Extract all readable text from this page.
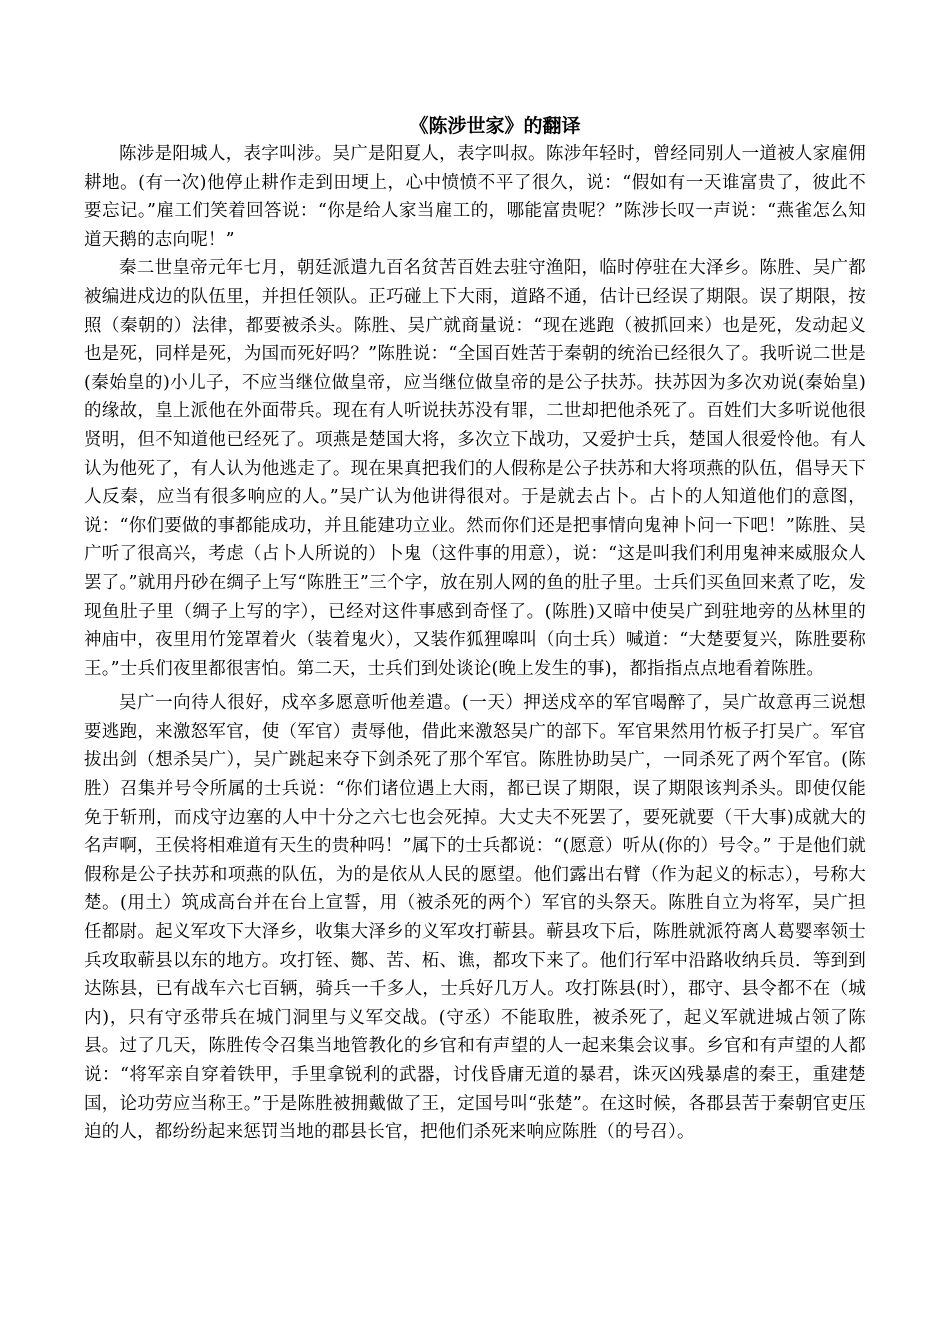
《陈涉世家》的翻译

陈涉是阳城人，表字叫涉。吴广是阳夏人，表字叫叔。陈涉年轻时，曾经同别人一道被人家雇佣耕地。(有一次)他停止耕作走到田埂上，心中愤愤不平了很久，说：“假如有一天谁富贵了，彼此不要忘记。”雇工们笑着回答说：“你是给人家当雇工的，哪能富贵呢？”陈涉长叹一声说：“燕雀怎么知道天鹅的志向呢！”

秦二世皇帝元年七月，朝廷派遣九百名贫苦百姓去驻守渔阳，临时停驻在大泽乡。陈胜、吴广都被编进戍边的队伍里，并担任领队。正巧碰上下大雨，道路不通，估计已经误了期限。误了期限，按照（秦朝的）法律，都要被杀头。陈胜、吴广就商量说：“现在逃跑（被抓回来）也是死，发动起义也是死，同样是死，为国而死好吗？”陈胜说：“全国百姓苦于秦朝的统治已经很久了。我听说二世是(秦始皇的)小儿子，不应当继位做皇帝，应当继位做皇帝的是公子扶苏。扶苏因为多次劝说(秦始皇)的缘故，皇上派他在外面带兵。现在有人听说扶苏没有罪，二世却把他杀死了。百姓们大多听说他很贤明，但不知道他已经死了。项燕是楚国大将，多次立下战功，又爱护士兵，楚国人很爱怜他。有人认为他死了，有人认为他逃走了。现在果真把我们的人假称是公子扶苏和大将项燕的队伍，倡导天下人反秦，应当有很多响应的人。”吴广认为他讲得很对。于是就去占卜。占卜的人知道他们的意图，说：“你们要做的事都能成功，并且能建功立业。然而你们还是把事情向鬼神卜问一下吧！”陈胜、吴广听了很高兴，考虑（占卜人所说的）卜鬼（这件事的用意），说：“这是叫我们利用鬼神来威服众人罢了。”就用丹砂在绸子上写“陈胜王”三个字，放在别人网的鱼的肚子里。士兵们买鱼回来煮了吃，发现鱼肚子里（绸子上写的字），已经对这件事感到奇怪了。(陈胜)又暗中使吴广到驻地旁的丛林里的神庙中，夜里用竹笼罩着火（装着鬼火），又装作狐狸嗥叫（向士兵）喊道：“大楚要复兴，陈胜要称王。”士兵们夜里都很害怕。第二天，士兵们到处谈论(晚上发生的事)，都指指点点地看着陈胜。

吴广一向待人很好，戍卒多愿意听他差遣。(一天）押送戍卒的军官喝醉了，吴广故意再三说想要逃跑，来激怒军官，使（军官）责辱他，借此来激怒吴广的部下。军官果然用竹板子打吴广。军官拔出剑（想杀吴广），吴广跳起来夺下剑杀死了那个军官。陈胜协助吴广，一同杀死了两个军官。(陈胜）召集并号令所属的士兵说：“你们诸位遇上大雨，都已误了期限，误了期限该判杀头。即使仅能免于斩刑，而戍守边塞的人中十分之六七也会死掉。大丈夫不死罢了，要死就要（干大事)成就大的名声啊，王侯将相难道有天生的贵种吗！”属下的士兵都说：“(愿意）听从(你的）号令。” 于是他们就假称是公子扶苏和项燕的队伍，为的是依从人民的愿望。他们露出右臂（作为起义的标志），号称大楚。(用土）筑成高台并在台上宣誓，用（被杀死的两个）军官的头祭天。陈胜自立为将军，吴广担任都尉。起义军攻下大泽乡，收集大泽乡的义军攻打蕲县。蕲县攻下后，陈胜就派符离人葛婴率领士兵攻取蕲县以东的地方。攻打铚、酂、苦、柘、谯，都攻下来了。他们行军中沿路收纳兵员．等到到达陈县，已有战车六七百辆，骑兵一千多人，士兵好几万人。攻打陈县(时），郡守、县令都不在（城内)，只有守丞带兵在城门洞里与义军交战。(守丞）不能取胜，被杀死了，起义军就进城占领了陈县。过了几天，陈胜传令召集当地管教化的乡官和有声望的人一起来集会议事。乡官和有声望的人都说：“将军亲自穿着铁甲，手里拿锐利的武器，讨伐昏庸无道的暴君，诛灭凶残暴虐的秦王，重建楚国，论功劳应当称王。”于是陈胜被拥戴做了王，定国号叫“张楚”。在这时候，各郡县苦于秦朝官吏压迫的人，都纷纷起来惩罚当地的郡县长官，把他们杀死来响应陈胜（的号召）。
